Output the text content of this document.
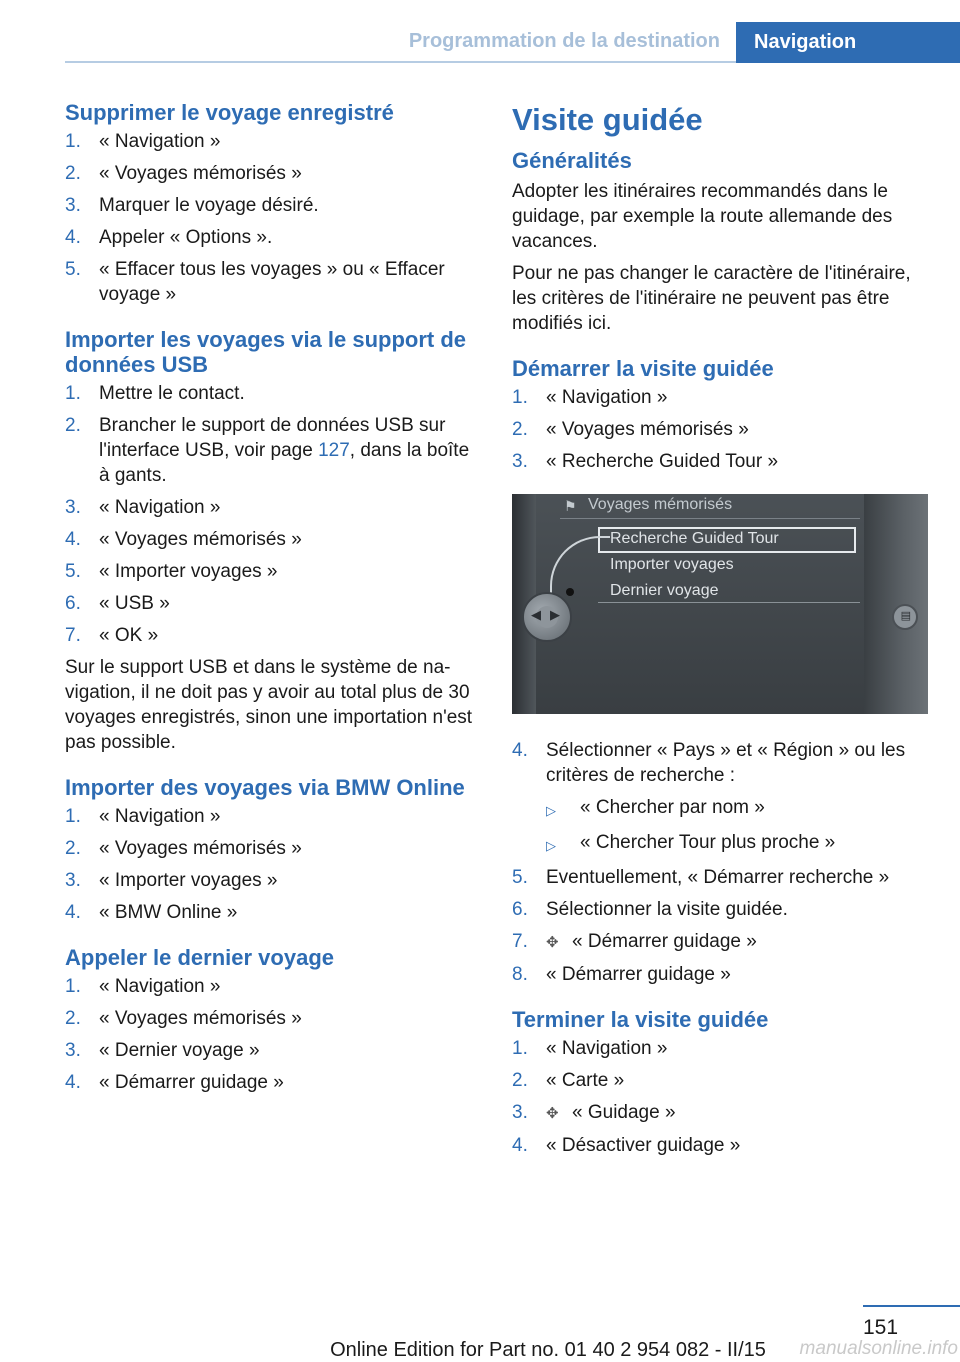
Programmation de la destination	Navigation
Supprimer le voyage enregistré
1. « Navigation »
2. « Voyages mémorisés »
3. Marquer le voyage désiré.
4. Appeler « Options ».
5. « Effacer tous les voyages » ou « Effacer voyage »
Importer les voyages via le support de données USB
1. Mettre le contact.
2. Brancher le support de données USB sur l'interface USB, voir page 127, dans la boîte à gants.
3. « Navigation »
4. « Voyages mémorisés »
5. « Importer voyages »
6. « USB »
7. « OK »
Sur le support USB et dans le système de na‐ vigation, il ne doit pas y avoir au total plus de 30 voyages enregistrés, sinon une importation n'est pas possible.
Importer des voyages via BMW Online
1. « Navigation »
2. « Voyages mémorisés »
3. « Importer voyages »
4. « BMW Online »
Appeler le dernier voyage
1. « Navigation »
2. « Voyages mémorisés »
3. « Dernier voyage »
4. « Démarrer guidage »
Visite guidée
Généralités
Adopter les itinéraires recommandés dans le guidage, par exemple la route allemande des vacances.
Pour ne pas changer le caractère de l'itinéraire, les critères de l'itinéraire ne peuvent pas être modifiés ici.
Démarrer la visite guidée
1. « Navigation »
2. « Voyages mémorisés »
3. « Recherche Guided Tour »
⚑ Voyages mémorisés
Recherche Guided Tour
Importer voyages
Dernier voyage
◀▶	▤
4. Sélectionner « Pays » et « Région » ou les critères de recherche :
▷	« Chercher par nom »
▷	« Chercher Tour plus proche »
5. Eventuellement, « Démarrer recherche »
6. Sélectionner la visite guidée.
7.	✥ « Démarrer guidage »
8. « Démarrer guidage »
Terminer la visite guidée
1. « Navigation »
2. « Carte »
3.	✥ « Guidage »
4. « Désactiver guidage »
151
Online Edition for Part no. 01 40 2 954 082 - II/15	manualsonline.info
